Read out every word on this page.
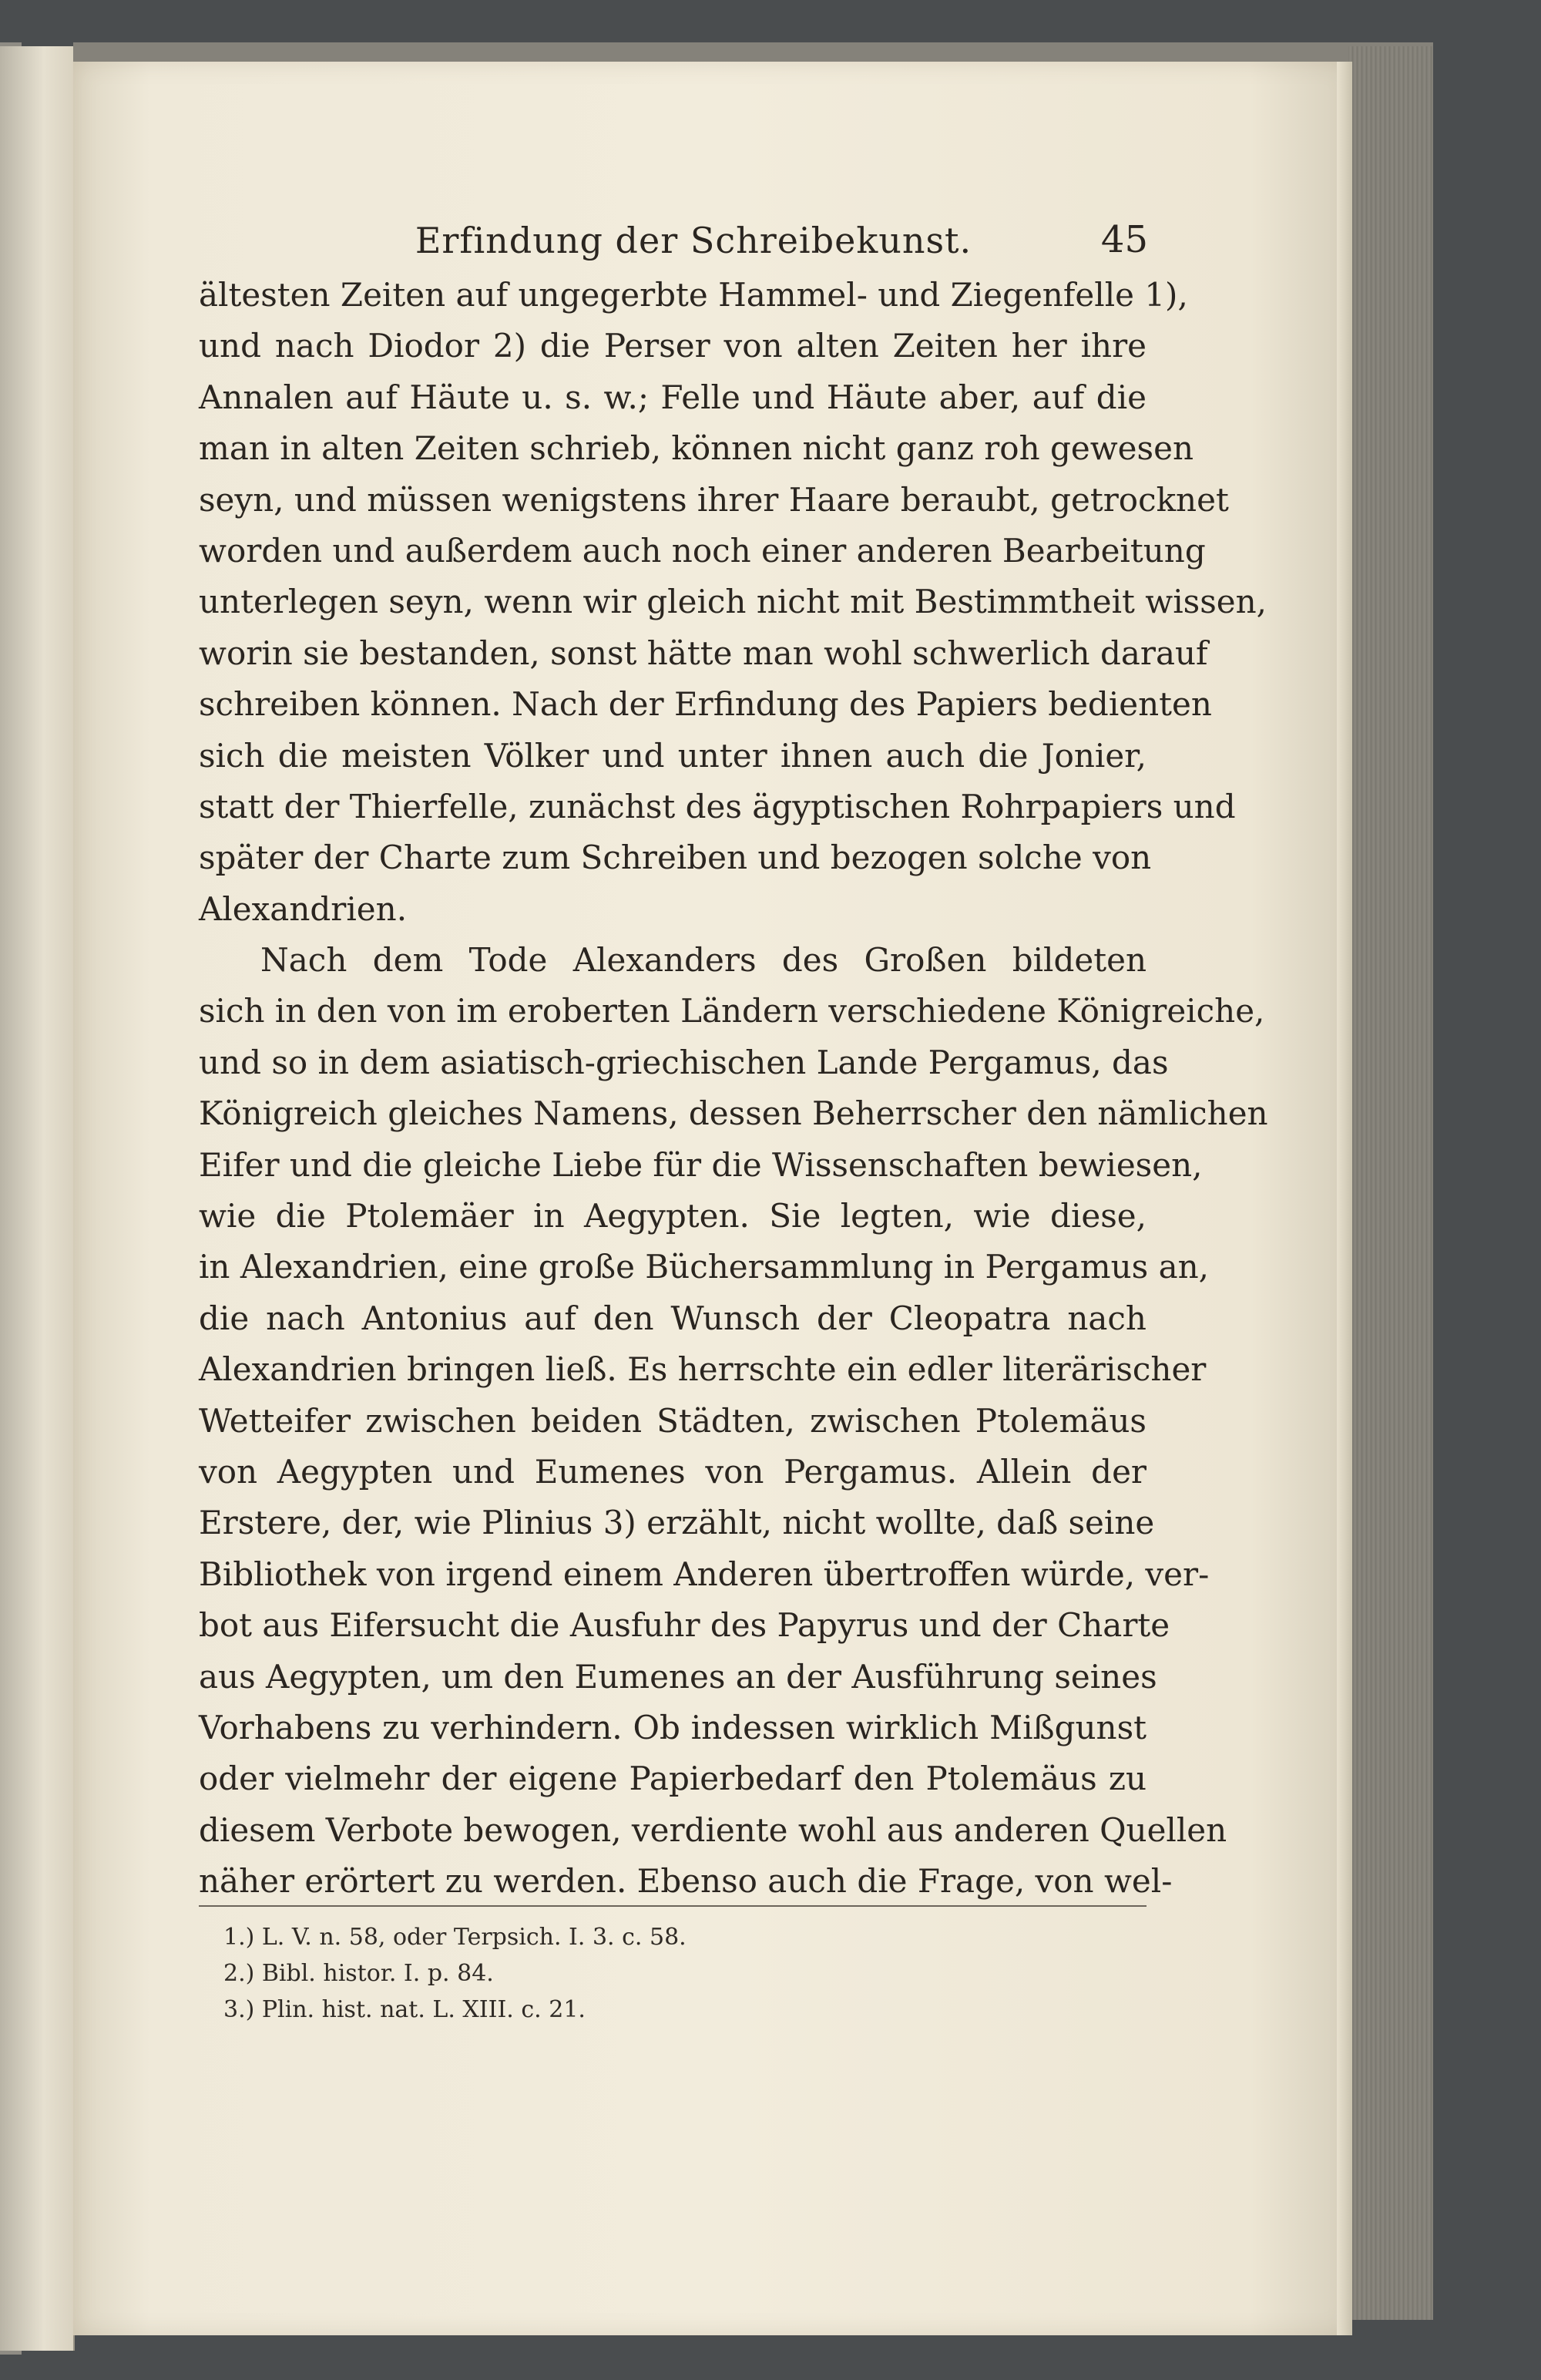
Erfindung der Schreibekunst.	45
ältesten Zeiten auf ungegerbte Hammel- und Ziegenfelle 1),
und nach Diodor 2) die Perser von alten Zeiten her ihre
Annalen auf Häute u. s. w.; Felle und Häute aber, auf die
man in alten Zeiten schrieb, können nicht ganz roh gewesen
seyn, und müssen wenigstens ihrer Haare beraubt, getrocknet
worden und außerdem auch noch einer anderen Bearbeitung
unterlegen seyn, wenn wir gleich nicht mit Bestimmtheit wissen,
worin sie bestanden, sonst hätte man wohl schwerlich darauf
schreiben können. Nach der Erfindung des Papiers bedienten
sich die meisten Völker und unter ihnen auch die Jonier,
statt der Thierfelle, zunächst des ägyptischen Rohrpapiers und
später der Charte zum Schreiben und bezogen solche von
Alexandrien.
Nach dem Tode Alexanders des Großen bildeten
sich in den von im eroberten Ländern verschiedene Königreiche,
und so in dem asiatisch-griechischen Lande Pergamus, das
Königreich gleiches Namens, dessen Beherrscher den nämlichen
Eifer und die gleiche Liebe für die Wissenschaften bewiesen,
wie die Ptolemäer in Aegypten. Sie legten, wie diese,
in Alexandrien, eine große Büchersammlung in Pergamus an,
die nach Antonius auf den Wunsch der Cleopatra nach
Alexandrien bringen ließ. Es herrschte ein edler literärischer
Wetteifer zwischen beiden Städten, zwischen Ptolemäus
von Aegypten und Eumenes von Pergamus. Allein der
Erstere, der, wie Plinius 3) erzählt, nicht wollte, daß seine
Bibliothek von irgend einem Anderen übertroffen würde, ver-
bot aus Eifersucht die Ausfuhr des Papyrus und der Charte
aus Aegypten, um den Eumenes an der Ausführung seines
Vorhabens zu verhindern. Ob indessen wirklich Mißgunst
oder vielmehr der eigene Papierbedarf den Ptolemäus zu
diesem Verbote bewogen, verdiente wohl aus anderen Quellen
näher erörtert zu werden. Ebenso auch die Frage, von wel-
1.) L. V. n. 58, oder Terpsich. I. 3. c. 58.
2.) Bibl. histor. I. p. 84.
3.) Plin. hist. nat. L. XIII. c. 21.
